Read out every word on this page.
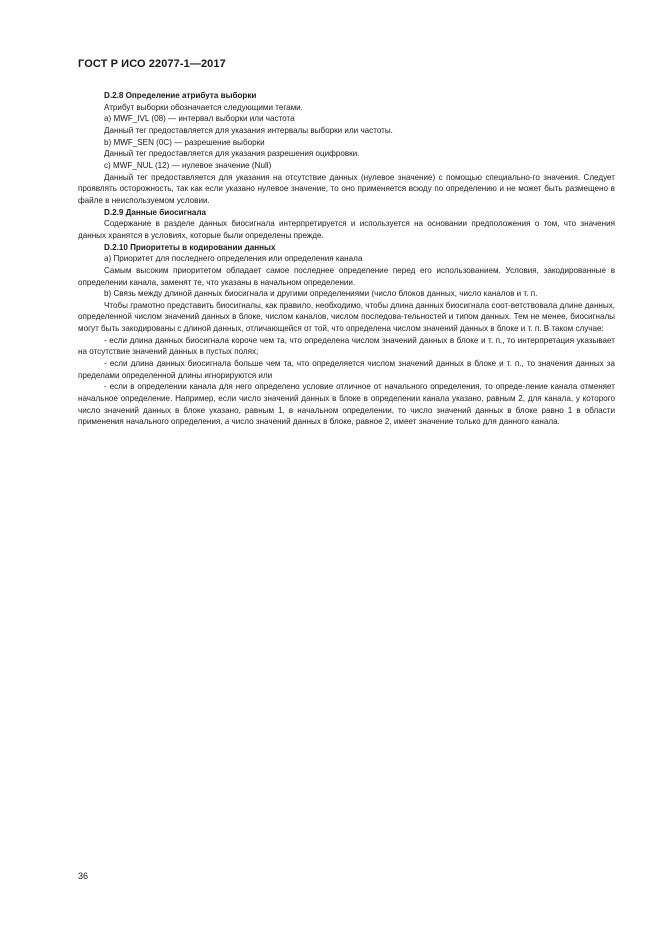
ГОСТ Р ИСО 22077-1—2017

D.2.8 Определение атрибута выборки

Атрибут выборки обозначается следующими тегами.

а) MWF_IVL (08) — интервал выборки или частота

Данный тег предоставляется для указания интервалы выборки или частоты.

b) MWF_SEN (0C) — разрешение выборки

Данный тег предоставляется для указания разрешения оцифровки.

c) MWF_NUL (12) — нулевое значение (Null)

Данный тег предоставляется для указания на отсутствие данных (нулевое значение) с помощью специально-го значения. Следует проявлять осторожность, так как если указано нулевое значение, то оно применяется всюду по определению и не может быть размещено в файле в неиспользуемом условии.

D.2.9 Данные биосигнала

Содержание в разделе данных биосигнала интерпретируется и используется на основании предположения о том, что значения данных хранятся в условиях, которые были определены прежде.

D.2.10 Приоритеты в кодировании данных

а) Приоритет для последнего определения или определения канала

Самым высоким приоритетом обладает самое последнее определение перед его использованием. Условия, закодированные в определении канала, заменят те, что указаны в начальном определении.

b) Связь между длиной данных биосигнала и другими определениями (число блоков данных, число каналов и т. п.

Чтобы грамотно представить биосигналы, как правило, необходимо, чтобы длина данных биосигнала соот-ветствовала длине данных, определенной числом значений данных в блоке, числом каналов, числом последова-тельностей и типом данных. Тем не менее, биосигналы могут быть закодированы с длиной данных, отличающейся от той, что определена числом значений данных в блоке и т. п. В таком случае:

- если длина данных биосигнала короче чем та, что определена числом значений данных в блоке и т. п., то интерпретация указывает на отсутствие значений данных в пустых полях;

- если длина данных биосигнала больше чем та, что определяется числом значений данных в блоке и т. п., то значения данных за пределами определенной длины игнорируются или

- если в определении канала для него определено условие отличное от начального определения, то опреде-ление канала отменяет начальное определение. Например, если число значений данных в блоке в определении канала указано, равным 2, для канала, у которого число значений данных в блоке указано, равным 1, в начальном определении, то число значений данных в блоке равно 1 в области применения начального определения, а число значений данных в блоке, равное 2, имеет значение только для данного канала.

36
